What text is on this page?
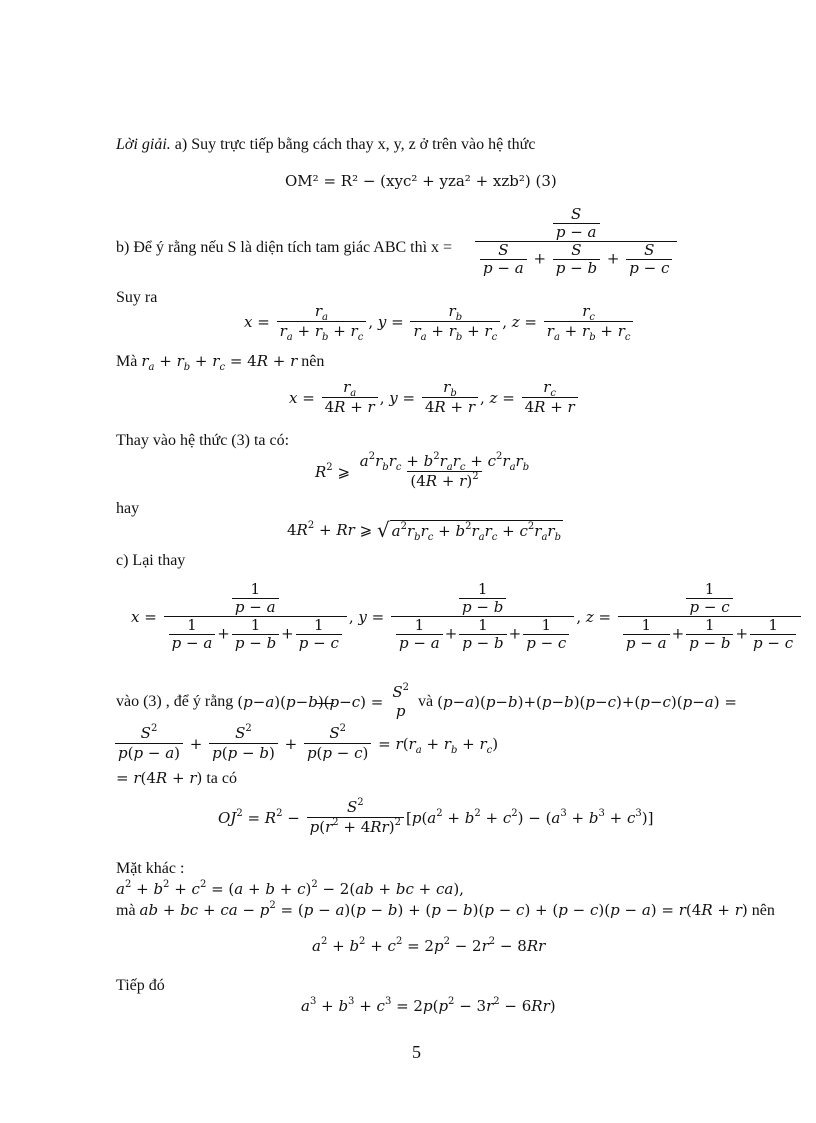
Lời giải. a) Suy trực tiếp bằng cách thay x, y, z ở trên vào hệ thức
OM² = R² − (xyc² + yza² + xzb²) (3)
b) Để ý rằng nếu S là diện tích tam giác ABC thì $x = \frac{\frac{S}{p - a}}{\frac{S}{p - a} + \frac{S}{p - b} + \frac{S}{p - c}}$
Suy ra
$x = \frac{r_a}{r_a + r_b + r_c}$ , $y = \frac{r_b}{r_a + r_b + r_c}$ , $z = \frac{r_c}{r_a + r_b + r_c}$
Mà $r_a + r_b + r_c = 4R + r$ nên
$x = \frac{r_a}{4R + r}$ , $y = \frac{r_b}{4R + r}$ , $z = \frac{r_c}{4R + r}$
Thay vào hệ thức (3) ta có:
$R^2$ ⩾ $\frac{a^2r_br_c + b^2r_ar_c + c^2r_ar_b}{(4R + r)^2}$
hay
$4R^2 + Rr$ ⩾ √ $a^2r_br_c + b^2r_ar_c + c^2r_ar_b$
c) Lại thay
$x = \frac{\frac{1}{p - a}}{\frac{1}{p - a} + \frac{1}{p - b} + \frac{1}{p - c}}$ , $y = \frac{\frac{1}{p - b}}{\frac{1}{p - a} + \frac{1}{p - b} + \frac{1}{p - c}}$ , $z = \frac{\frac{1}{p - c}}{\frac{1}{p - a} + \frac{1}{p - b} + \frac{1}{p - c}}$
vào (3) , để ý rằng (p−a)(p−b)(p−c) =
$S^2$
p
và (p−a)(p−b)+(p−b)(p−c)+(p−c)(p−a) =
$\frac{S^2}{p(p - a)} + \frac{S^2}{p(p - b)} + \frac{S^2}{p(p - c)} = r(r_a + r_b + r_c)$
= r(4R + r) ta có
$OJ^2 = R^2 - \frac{S^2}{p(r^2 + 4Rr)^2} [p(a^2 + b^2 + c^2) - (a^3 + b^3 + c^3)]$
Mặt khác :
$a^2 + b^2 + c^2 = (a + b + c)^2 - 2(ab$ + bc + ca),
mà ab + bc + ca − $p^2 = (p - a)(p - b) + (p - b)(p - c) + (p - c)(p - a) = r(4R + r)$ nên
$a^2 + b^2 + c^2 = 2p^2 - 2r^2 - 8Rr$
Tiếp đó
$a^3 + b^3 + c^3 = 2p(p^2 - 3r^2 - 6Rr)$
5
